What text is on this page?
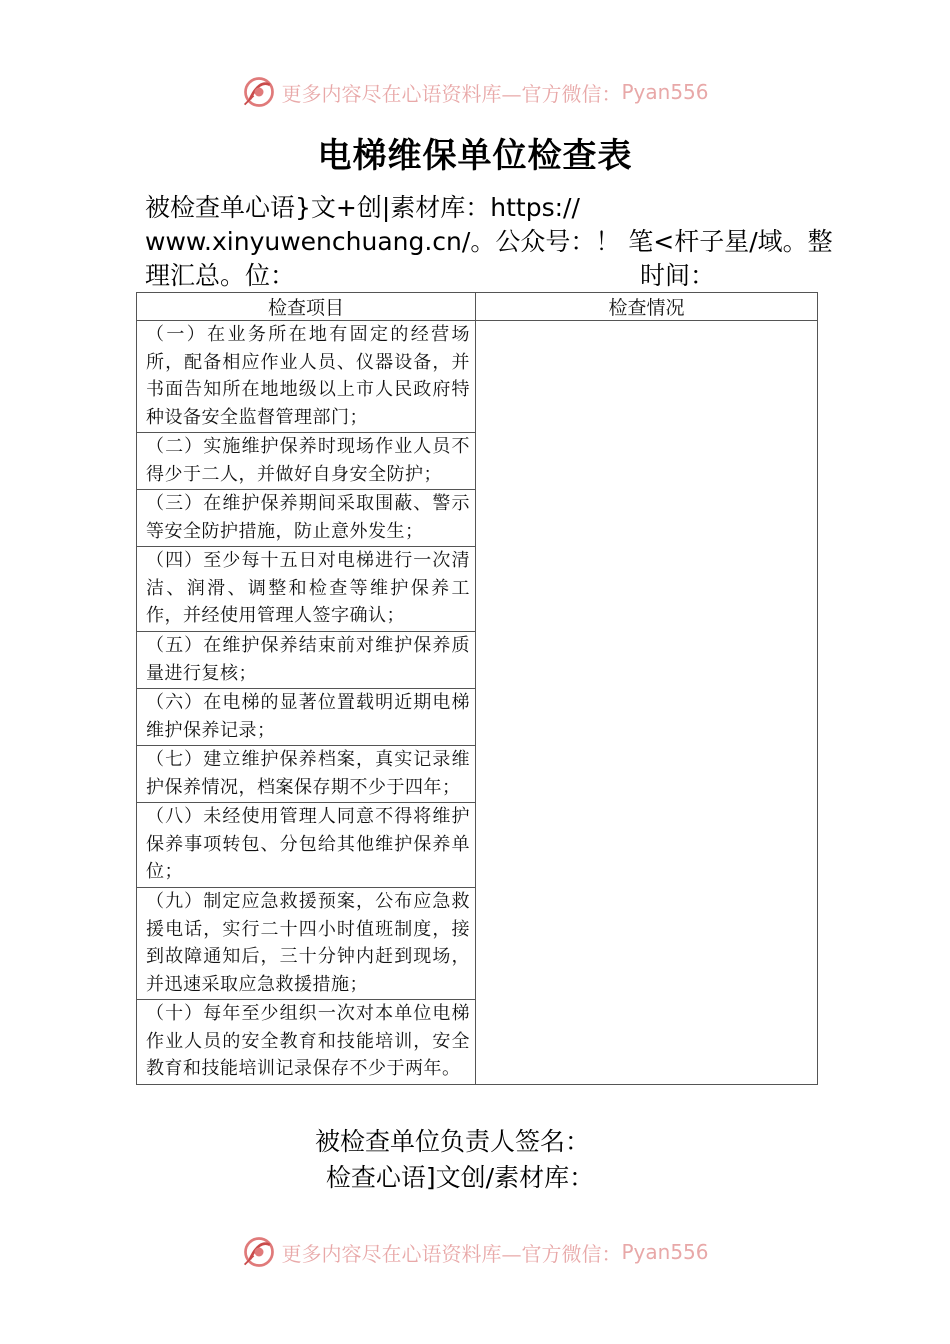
更多内容尽在心语资料库—官方微信： Pyan556
电梯维保单位检查表
被检查单心语}文+创|素材库：https://
www.xinyuwenchuang.cn/。公众号：！ 笔<杆子星/域。整
理汇总。位：	时间：
检查项目	检查情况
（一）在业务所在地有固定的经营场所，配备相应作业人员、仪器设备，并书面告知所在地地级以上市人民政府特种设备安全监督管理部门；	
（二）实施维护保养时现场作业人员不得少于二人，并做好自身安全防护；	
（三）在维护保养期间采取围蔽、警示等安全防护措施，防止意外发生；	
（四）至少每十五日对电梯进行一次清洁、润滑、调整和检查等维护保养工作，并经使用管理人签字确认；	
（五）在维护保养结束前对维护保养质量进行复核；	
（六）在电梯的显著位置载明近期电梯维护保养记录；	
（七）建立维护保养档案，真实记录维护保养情况，档案保存期不少于四年；	
（八）未经使用管理人同意不得将维护保养事项转包、分包给其他维护保养单位；	
（九）制定应急救援预案，公布应急救援电话，实行二十四小时值班制度，接到故障通知后，三十分钟内赶到现场，并迅速采取应急救援措施；	
（十）每年至少组织一次对本单位电梯作业人员的安全教育和技能培训，安全教育和技能培训记录保存不少于两年。	
被检查单位负责人签名：
检查心语]文创/素材库：
更多内容尽在心语资料库—官方微信： Pyan556
